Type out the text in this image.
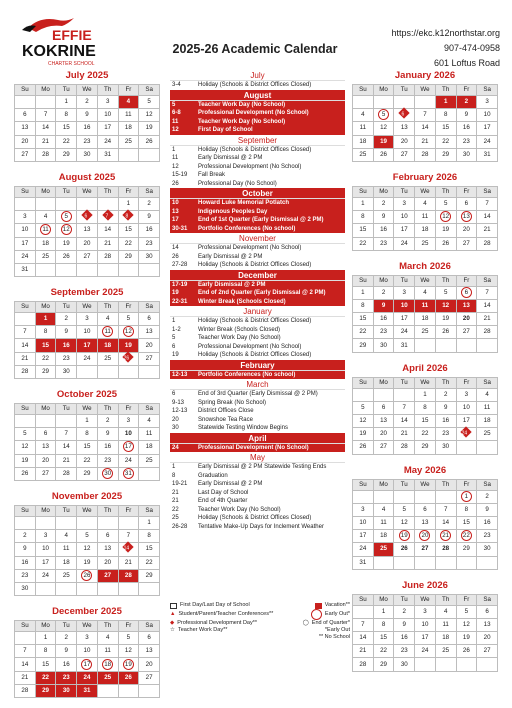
EFFIE
KOKRINE
CHARTER SCHOOL
2025-26 Academic Calendar
https://ekc.k12northstar.org
907-474-0958
601 Loftus Road
July 2025
Su	Mo	Tu	We	Th	Fr	Sa
		1	2	3	4	5
6	7	8	9	10	11	12
13	14	15	16	17	18	19
20	21	22	23	24	25	26
27	28	29	30	31		
August 2025
Su	Mo	Tu	We	Th	Fr	Sa
					1	2
3	4	5	6	7	8	9
10	11	12	13	14	15	16
17	18	19	20	21	22	23
24	25	26	27	28	29	30
31						
September 2025
Su	Mo	Tu	We	Th	Fr	Sa
	1	2	3	4	5	6
7	8	9	10	11	12	13
14	15	16	17	18	19	20
21	22	23	24	25	26	27
28	29	30				
October 2025
Su	Mo	Tu	We	Th	Fr	Sa
			1	2	3	4
5	6	7	8	9	10	11
12	13	14	15	16	17	18
19	20	21	22	23	24	25
26	27	28	29	30	31	
November 2025
Su	Mo	Tu	We	Th	Fr	Sa
						1
2	3	4	5	6	7	8
9	10	11	12	13	14	15
16	17	18	19	20	21	22
23	24	25	26	27	28	29
30						
December 2025
Su	Mo	Tu	We	Th	Fr	Sa
	1	2	3	4	5	6
7	8	9	10	11	12	13
14	15	16	17	18	19	20
21	22	23	24	25	26	27
28	29	30	31			
January 2026
Su	Mo	Tu	We	Th	Fr	Sa
				1	2	3
4	5	6	7	8	9	10
11	12	13	14	15	16	17
18	19	20	21	22	23	24
25	26	27	28	29	30	31
February 2026
Su	Mo	Tu	We	Th	Fr	Sa
1	2	3	4	5	6	7
8	9	10	11	12	13	14
15	16	17	18	19	20	21
22	23	24	25	26	27	28
March 2026
Su	Mo	Tu	We	Th	Fr	Sa
1	2	3	4	5	6	7
8	9	10	11	12	13	14
15	16	17	18	19	20	21
22	23	24	25	26	27	28
29	30	31				
April 2026
Su	Mo	Tu	We	Th	Fr	Sa
			1	2	3	4
5	6	7	8	9	10	11
12	13	14	15	16	17	18
19	20	21	22	23	24	25
26	27	28	29	30		
May 2026
Su	Mo	Tu	We	Th	Fr	Sa
					1	2
3	4	5	6	7	8	9
10	11	12	13	14	15	16
17	18	19	20	21	22	23
24	25	26	27	28	29	30
31						
June 2026
Su	Mo	Tu	We	Th	Fr	Sa
	1	2	3	4	5	6
7	8	9	10	11	12	13
14	15	16	17	18	19	20
21	22	23	24	25	26	27
28	29	30				
July
3-4	Holiday (Schools & District Offices Closed)
August
5	Teacher Work Day (No School)
6-8	Professional Development (No School)
11	Teacher Work Day (No School)
12	First Day of School
September
1	Holiday (Schools & District Offices Closed)
11	Early Dismissal @ 2 PM
12	Professional Development (No School)
15-19	Fall Break
26	Professional Day (No School)
October
10	Howard Luke Memorial Potlatch
13	Indigenous Peoples Day
17	End of 1st Quarter (Early Dismissal @ 2 PM)
30-31	Portfolio Conferences (No school)
November
14	Professional Development (No School)
26	Early Dismissal @ 2 PM
27-28	Holiday (Schools & District Offices Closed)
December
17-19	Early Dismissal @ 2 PM
19	End of 2nd Quarter (Early Dismissal @ 2 PM)
22-31	Winter Break (Schools Closed)
January
1	Holiday (Schools & District Offices Closed)
1-2	Winter Break (Schools Closed)
5	Teacher Work Day (No School)
6	Professional Development (No School)
19	Holiday (Schools & District Offices Closed)
February
12-13	Portfolio Conferences (No school)
March
6	End of 3rd Quarter (Early Dismissal @ 2 PM)
9-13	Spring Break (No School)
12-13	District Offices Close
20	Snowshoe Tea Race
30	Statewide Testing Window Begins
April
24	Professional Development (No School)
May
1	Early Dismissal @ 2 PM Statewide Testing Ends
8	Graduation
19-21	Early Dismissal @ 2 PM
21	Last Day of School
21	End of 4th Quarter
22	Teacher Work Day (No School)
25	Holiday (Schools & District Offices Closed)
26-28	Tentative Make-Up Days for Inclement Weather
First Day/Last Day of School	Vacation**
▲ Student/Parent/Teacher Conferences**	Early Out*
◆ Professional Development Day**	◯ End of Quarter*
☆ Teacher Work Day**	*Early Out
** No School
